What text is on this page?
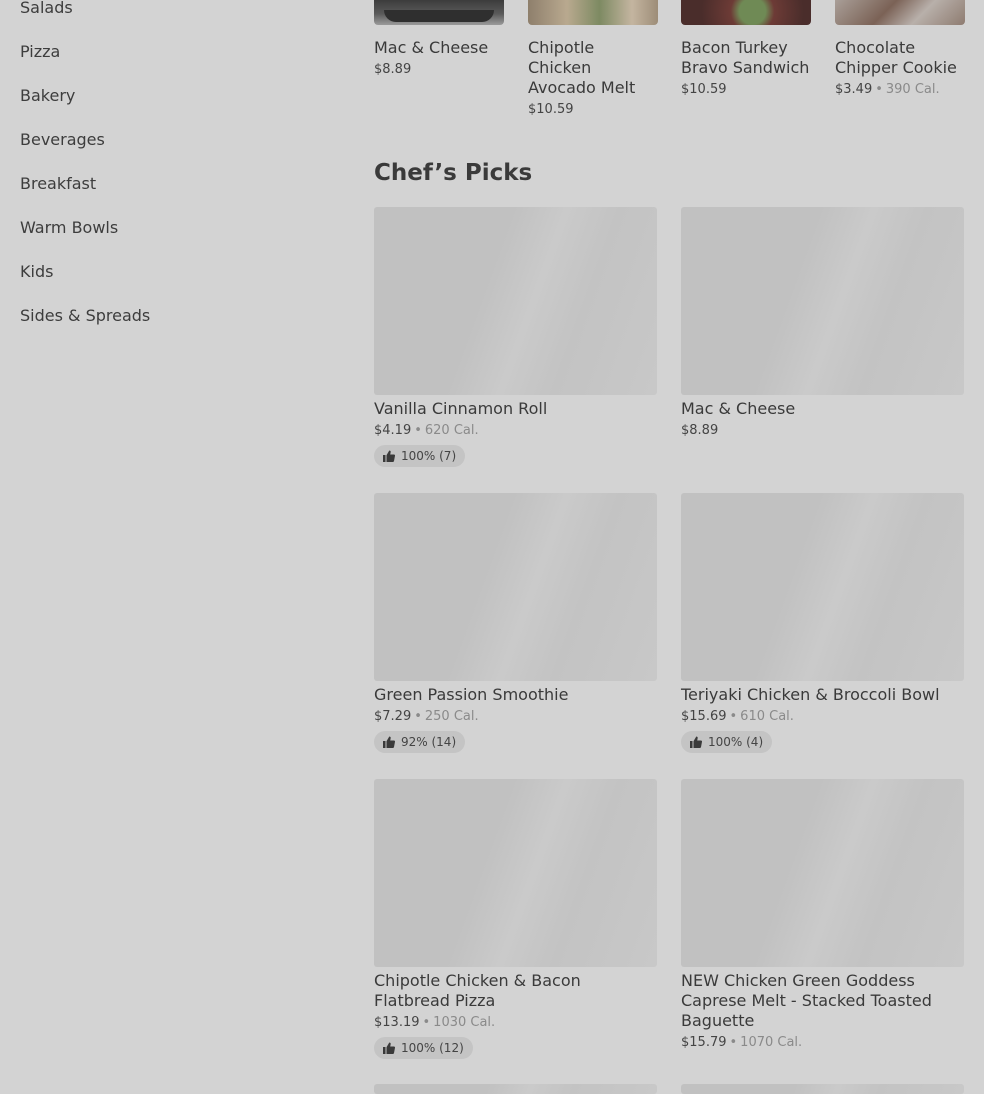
Salads
Pizza
Bakery
Beverages
Breakfast
Warm Bowls
Kids
Sides & Spreads
Mac & Cheese
$8.89
Chipotle Chicken Avocado Melt
$10.59
Bacon Turkey Bravo Sandwich
$10.59
Chocolate Chipper Cookie
$3.49 • 390 Cal.
Chef’s Picks
Vanilla Cinnamon Roll
$4.19 • 620 Cal.
100% (7)
Mac & Cheese
$8.89
Green Passion Smoothie
$7.29 • 250 Cal.
92% (14)
Teriyaki Chicken & Broccoli Bowl
$15.69 • 610 Cal.
100% (4)
Chipotle Chicken & Bacon Flatbread Pizza
$13.19 • 1030 Cal.
100% (12)
NEW Chicken Green Goddess Caprese Melt - Stacked Toasted Baguette
$15.79 • 1070 Cal.
